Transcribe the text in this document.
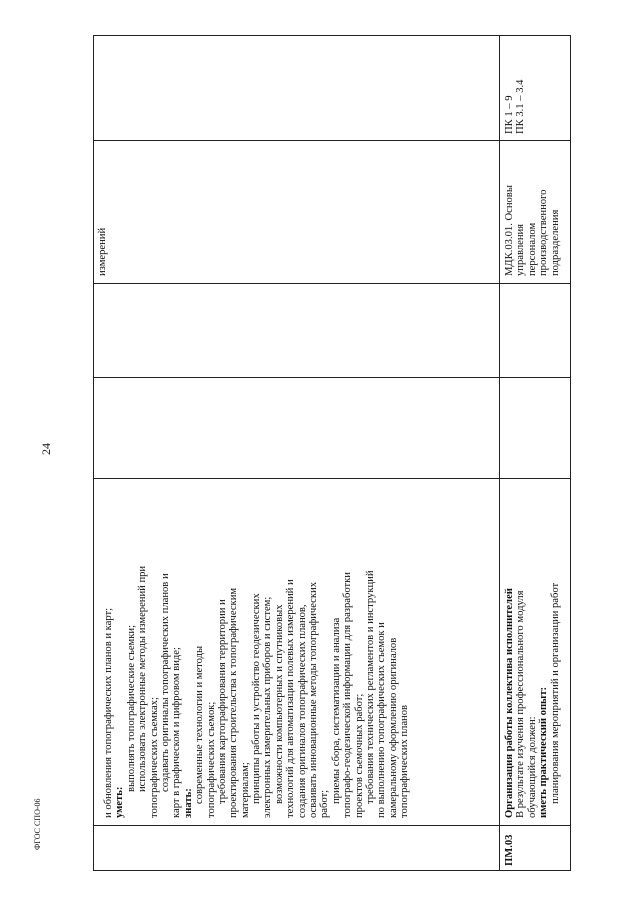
24
ФГОС СПО-06
и обновления топографических планов и карт; уметь:
выполнять топографические съемки; использовать электронные методы измерений при топографических съемках; создавать оригиналы топографических планов и карт в графическом и цифровом виде; знать: современные технологии и методы топографических съемок; требования картографирования территории и проектирования строительства к топографическим материалам; принципы работы и устройство геодезических электронных измерительных приборов и систем; возможности компьютерных и спутниковых технологий для автоматизации полевых измерений и создания оригиналов топографических планов, осваивать инновационные методы топографических работ; приемы сбора, систематизации и анализа топографо-геодезической информации для разработки проектов съемочных работ; требования технических регламентов и инструкций по выполнению топографических съемок и камеральному оформлению оригиналов топографических планов
измерений
ПМ.03
Организация работы коллектива исполнителей В результате изучения профессионального модуля обучающийся должен: иметь практический опыт: планирования мероприятий и организации работ
МДК.03.01. Основы управления персоналом производственного подразделения
ПК 1 – 9 ПК 3.1 – 3.4
